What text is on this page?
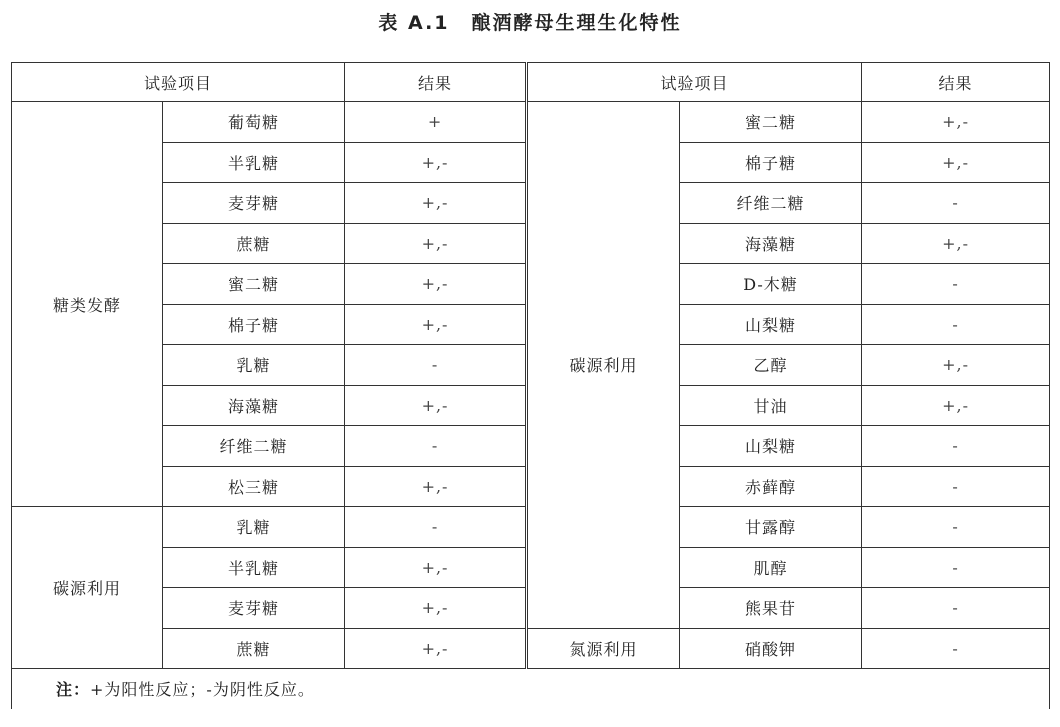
表 A.1 酿酒酵母生理生化特性
试验项目		结果	试验项目		结果
糖类发酵	葡萄糖	+		蜜二糖	+,-
	半乳糖	+,-		棉子糖	+,-
	麦芽糖	+,-		纤维二糖	-
	蔗糖	+,-		海藻糖	+,-
	蜜二糖	+,-		D-木糖	-
	棉子糖	+,-		山梨糖	-
	乳糖	-	碳源利用	乙醇	+,-
	海藻糖	+,-		甘油	+,-
	纤维二糖	-		山梨糖	-
	松三糖	+,-		赤藓醇	-
碳源利用	乳糖	-		甘露醇	-
	半乳糖	+,-		肌醇	-
	麦芽糖	+,-		熊果苷	-
	蔗糖	+,-	氮源利用	硝酸钾	-
注：+为阳性反应；-为阴性反应。					
